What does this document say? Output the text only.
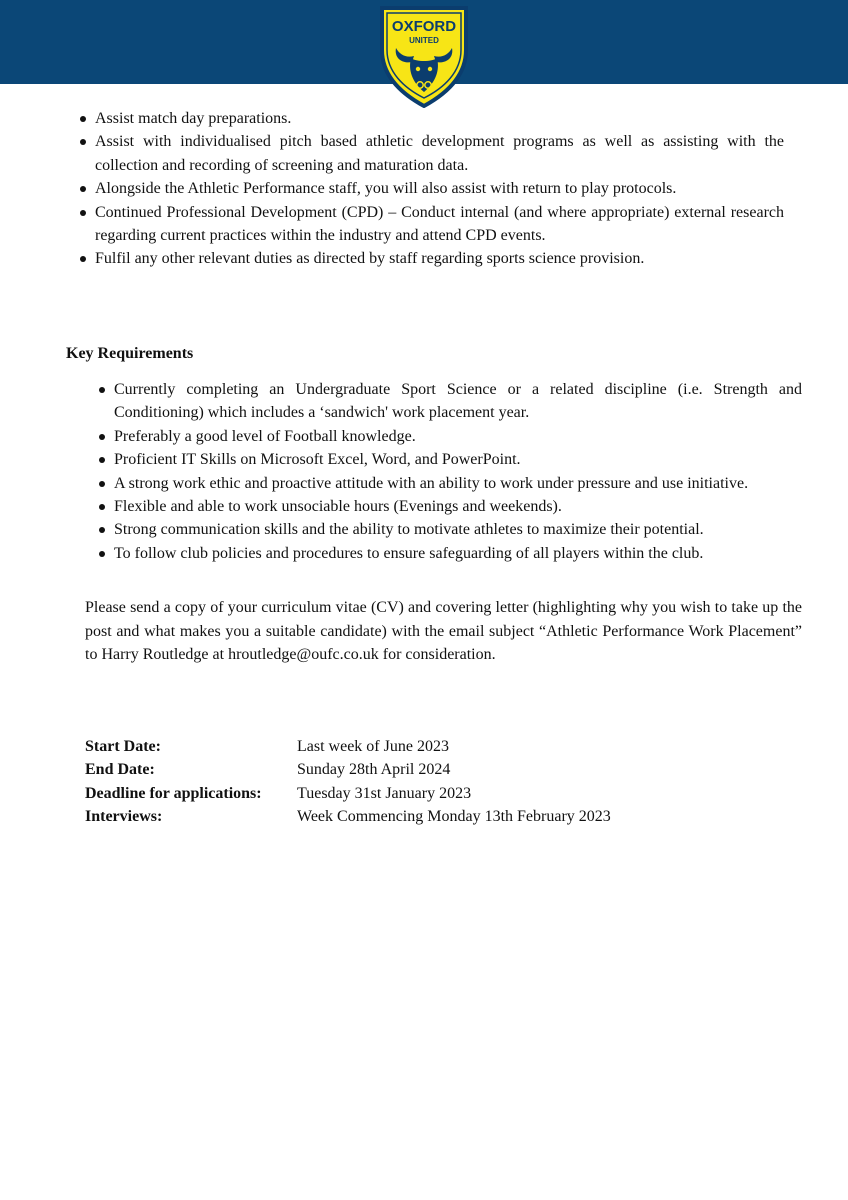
OXFORD
UNITED
Assist match day preparations.
Assist with individualised pitch based athletic development programs as well as assisting with the collection and recording of screening and maturation data.
Alongside the Athletic Performance staff, you will also assist with return to play protocols.
Continued Professional Development (CPD) – Conduct internal (and where appropriate) external research regarding current practices within the industry and attend CPD events.
Fulfil any other relevant duties as directed by staff regarding sports science provision.
Key Requirements
Currently completing an Undergraduate Sport Science or a related discipline (i.e. Strength and Conditioning) which includes a ‘sandwich' work placement year.
Preferably a good level of Football knowledge.
Proficient IT Skills on Microsoft Excel, Word, and PowerPoint.
A strong work ethic and proactive attitude with an ability to work under pressure and use initiative.
Flexible and able to work unsociable hours (Evenings and weekends).
Strong communication skills and the ability to motivate athletes to maximize their potential.
To follow club policies and procedures to ensure safeguarding of all players within the club.

Please send a copy of your curriculum vitae (CV) and covering letter (highlighting why you wish to take up the post and what makes you a suitable candidate) with the email subject “Athletic Performance Work Placement” to Harry Routledge at hroutledge@oufc.co.uk for consideration.

Start Date:	Last week of June 2023
End Date:	Sunday 28th April 2024
Deadline for applications:	Tuesday 31st January 2023
Interviews:	Week Commencing Monday 13th February 2023
